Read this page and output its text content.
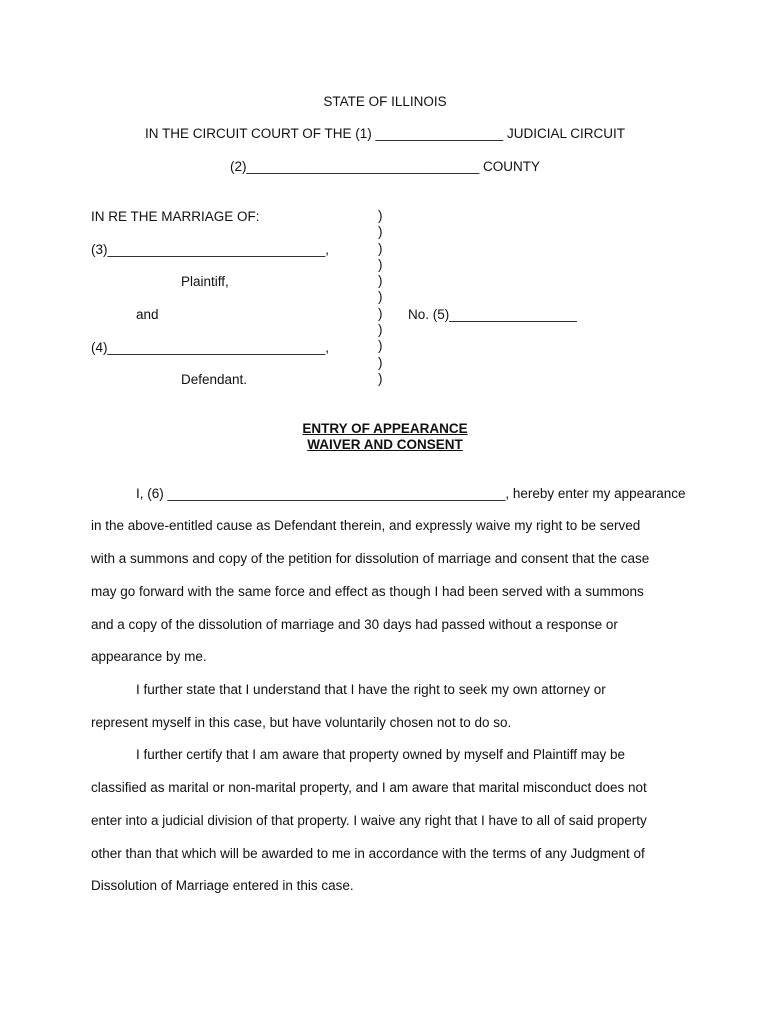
STATE OF ILLINOIS
IN THE CIRCUIT COURT OF THE (1) _________________ JUDICIAL CIRCUIT
(2)_______________________________ COUNTY
IN RE THE MARRIAGE OF:
(3)_____________________________,
Plaintiff,
and
(4)_____________________________,
Defendant.
)
)
)
)
)
)
)
)
)
)
)
No. (5)_________________
ENTRY OF APPEARANCE
WAIVER AND CONSENT
I, (6) _____________________________________________, hereby enter my appearance
in the above-entitled cause as Defendant therein, and expressly waive my right to be served
with a summons and copy of the petition for dissolution of marriage and consent that the case
may go forward with the same force and effect as though I had been served with a summons
and a copy of the dissolution of marriage and 30 days had passed without a response or
appearance by me.
I further state that I understand that I have the right to seek my own attorney or
represent myself in this case, but have voluntarily chosen not to do so.
I further certify that I am aware that property owned by myself and Plaintiff may be
classified as marital or non-marital property, and I am aware that marital misconduct does not
enter into a judicial division of that property. I waive any right that I have to all of said property
other than that which will be awarded to me in accordance with the terms of any Judgment of
Dissolution of Marriage entered in this case.
